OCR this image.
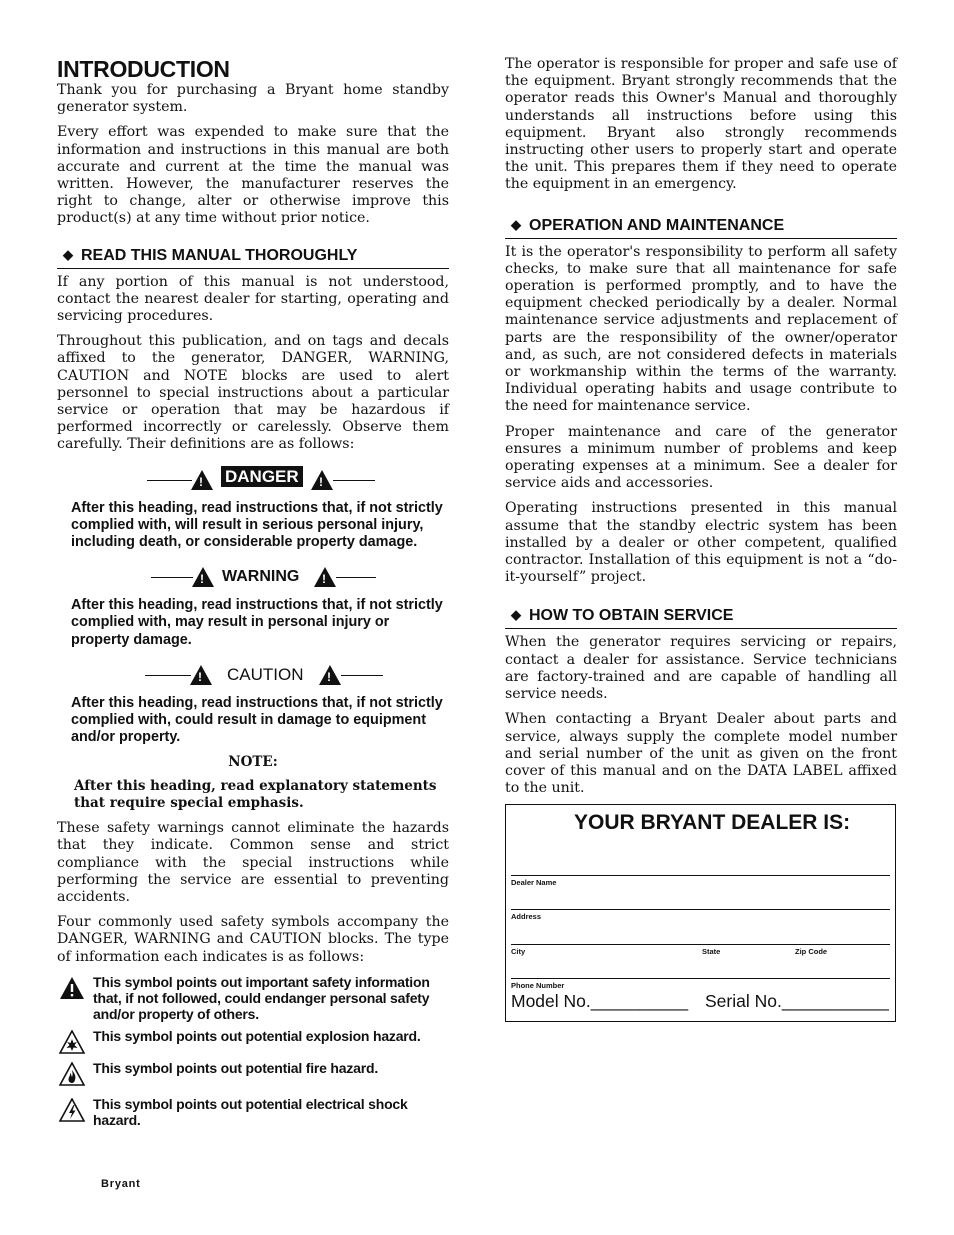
INTRODUCTION

Thank you for purchasing a Bryant home standby generator system.

Every effort was expended to make sure that the information and instructions in this manual are both accurate and current at the time the manual was written. However, the manufacturer reserves the right to change, alter or otherwise improve this product(s) at any time without prior notice.

◆ READ THIS MANUAL THOROUGHLY

If any portion of this manual is not understood, contact the nearest dealer for starting, operating and servicing procedures.

Throughout this publication, and on tags and decals affixed to the generator, DANGER, WARNING, CAUTION and NOTE blocks are used to alert personnel to special instructions about a particular service or operation that may be hazardous if performed incorrectly or carelessly. Observe them carefully. Their definitions are as follows:

!
DANGER
!
After this heading, read instructions that, if not strictly complied with, will result in serious personal injury, including death, or considerable property damage.
!
WARNING
!
After this heading, read instructions that, if not strictly complied with, may result in personal injury or property damage.
!
CAUTION
!
After this heading, read instructions that, if not strictly complied with, could result in damage to equipment and/or property.
NOTE:
After this heading, read explanatory statements that require special emphasis.

These safety warnings cannot eliminate the hazards that they indicate. Common sense and strict compliance with the special instructions while performing the service are essential to preventing accidents.

Four commonly used safety symbols accompany the DANGER, WARNING and CAUTION blocks. The type of information each indicates is as follows:

This symbol points out important safety information that, if not followed, could endanger personal safety and/or property of others.
This symbol points out potential explosion hazard.
This symbol points out potential fire hazard.
This symbol points out potential electrical shock hazard.

The operator is responsible for proper and safe use of the equipment. Bryant strongly recommends that the operator reads this Owner's Manual and thoroughly understands all instructions before using this equipment. Bryant also strongly recommends instructing other users to properly start and operate the unit. This prepares them if they need to operate the equipment in an emergency.

◆ OPERATION AND MAINTENANCE

It is the operator's responsibility to perform all safety checks, to make sure that all maintenance for safe operation is performed promptly, and to have the equipment checked periodically by a dealer. Normal maintenance service adjustments and replacement of parts are the responsibility of the owner/operator and, as such, are not considered defects in materials or workmanship within the terms of the warranty. Individual operating habits and usage contribute to the need for maintenance service.

Proper maintenance and care of the generator ensures a minimum number of problems and keep operating expenses at a minimum. See a dealer for service aids and accessories.

Operating instructions presented in this manual assume that the standby electric system has been installed by a dealer or other competent, qualified contractor. Installation of this equipment is not a “do-it-yourself” project.

◆ HOW TO OBTAIN SERVICE

When the generator requires servicing or repairs, contact a dealer for assistance. Service technicians are factory-trained and are capable of handling all service needs.

When contacting a Bryant Dealer about parts and service, always supply the complete model number and serial number of the unit as given on the front cover of this manual and on the DATA LABEL affixed to the unit.

YOUR BRYANT DEALER IS:
Dealer Name
Address
City	State	Zip Code
Phone Number
Model No.__________ Serial No.___________
Bryant
